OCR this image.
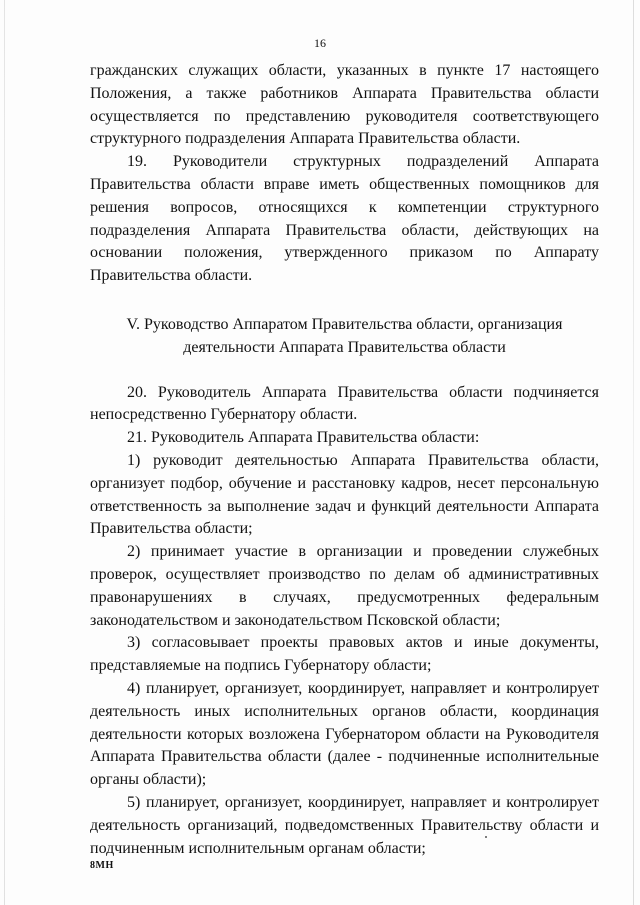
16

гражданских служащих области, указанных в пункте 17 настоящего Положения, а также работников Аппарата Правительства области осуществляется по представлению руководителя соответствующего структурного подразделения Аппарата Правительства области.

19. Руководители структурных подразделений Аппарата Правительства области вправе иметь общественных помощников для решения вопросов, относящихся к компетенции структурного подразделения Аппарата Правительства области, действующих на основании положения, утвержденного приказом по Аппарату Правительства области.

V. Руководство Аппаратом Правительства области, организация
деятельности Аппарата Правительства области

20. Руководитель Аппарата Правительства области подчиняется непосредственно Губернатору области.

21. Руководитель Аппарата Правительства области:

1) руководит деятельностью Аппарата Правительства области, организует подбор, обучение и расстановку кадров, несет персональную ответственность за выполнение задач и функций деятельности Аппарата Правительства области;

2) принимает участие в организации и проведении служебных проверок, осуществляет производство по делам об административных правонарушениях в случаях, предусмотренных федеральным законодательством и законодательством Псковской области;

3) согласовывает проекты правовых актов и иные документы, представляемые на подпись Губернатору области;

4) планирует, организует, координирует, направляет и контролирует деятельность иных исполнительных органов области, координация деятельности которых возложена Губернатором области на Руководителя Аппарата Правительства области (далее - подчиненные исполнительные органы области);

5) планирует, организует, координирует, направляет и контролирует деятельность организаций, подведомственных Правительству области и подчиненным исполнительным органам области;

8МН
